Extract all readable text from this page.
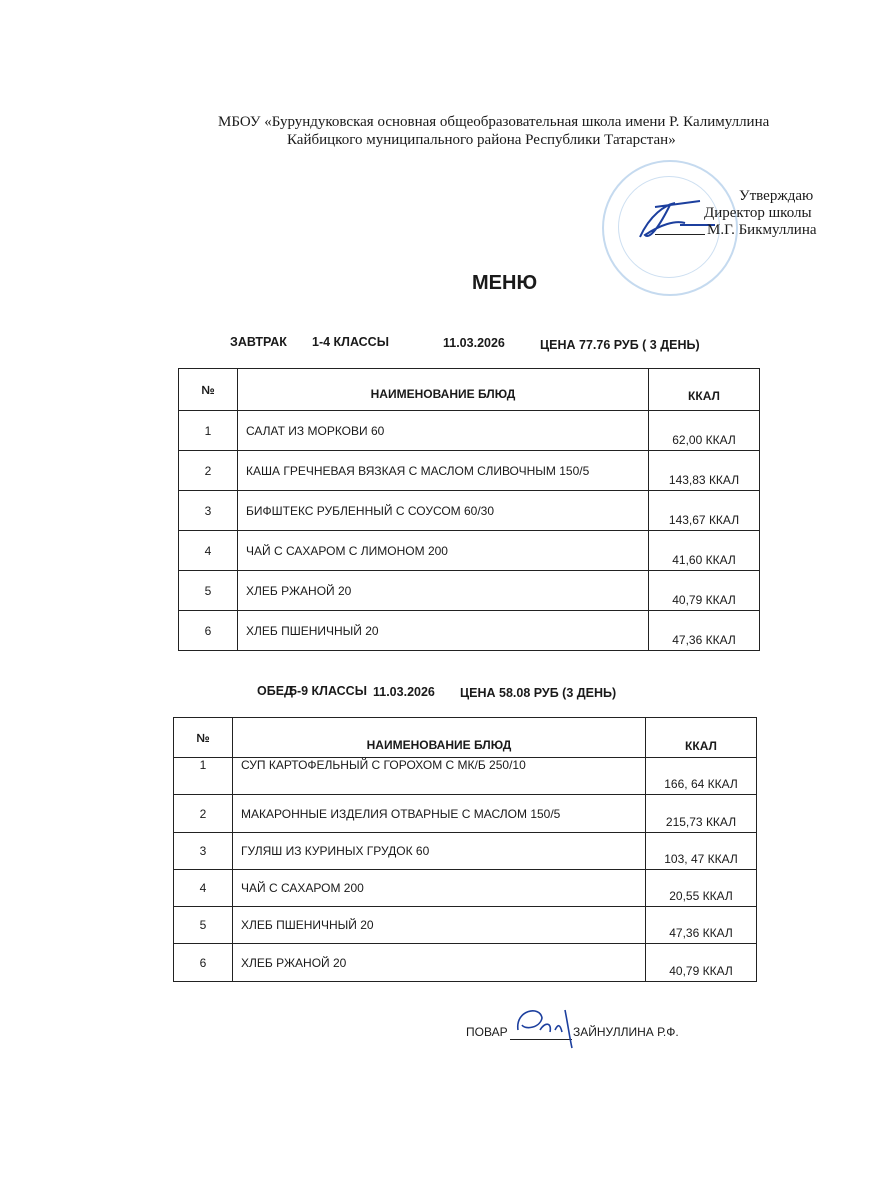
МБОУ «Бурундуковская основная общеобразовательная школа имени Р. Калимуллина
Кайбицкого муниципального района Республики Татарстан»
Утверждаю
Директор школы
М.Г. Бикмуллина
МЕНЮ
ЗАВТРАК 1-4 КЛАССЫ	11.03.2026	ЦЕНА 77.76 РУБ ( 3 ДЕНЬ)
№	НАИМЕНОВАНИЕ БЛЮД	ККАЛ
1	САЛАТ ИЗ МОРКОВИ 60	62,00 ККАЛ
2	КАША ГРЕЧНЕВАЯ ВЯЗКАЯ С МАСЛОМ СЛИВОЧНЫМ 150/5	143,83 ККАЛ
3	БИФШТЕКС РУБЛЕННЫЙ С СОУСОМ 60/30	143,67 ККАЛ
4	ЧАЙ С САХАРОМ С ЛИМОНОМ 200	41,60 ККАЛ
5	ХЛЕБ РЖАНОЙ 20	40,79 ККАЛ
6	ХЛЕБ ПШЕНИЧНЫЙ 20	47,36 ККАЛ
ОБЕД
5-9 КЛАССЫ 11.03.2026 ЦЕНА 58.08 РУБ (3 ДЕНЬ)
№	НАИМЕНОВАНИЕ БЛЮД	ККАЛ
1	СУП КАРТОФЕЛЬНЫЙ С ГОРОХОМ С МК/Б 250/10	166, 64 ККАЛ
2	МАКАРОННЫЕ ИЗДЕЛИЯ ОТВАРНЫЕ С МАСЛОМ 150/5	215,73 ККАЛ
3	ГУЛЯШ ИЗ КУРИНЫХ ГРУДОК 60	103, 47 ККАЛ
4	ЧАЙ С САХАРОМ 200	20,55 ККАЛ
5	ХЛЕБ ПШЕНИЧНЫЙ 20	47,36 ККАЛ
6	ХЛЕБ РЖАНОЙ 20	40,79 ККАЛ
ПОВАР	ЗАЙНУЛЛИНА Р.Ф.
